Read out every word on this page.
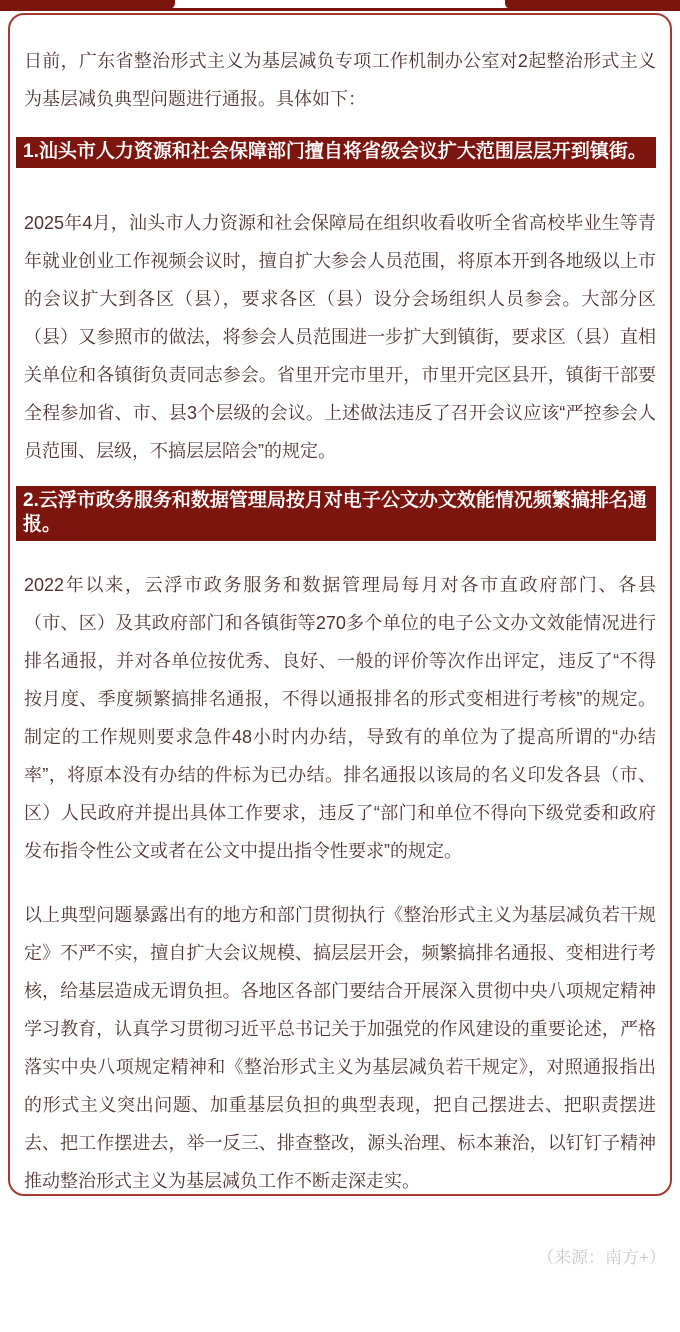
日前，广东省整治形式主义为基层减负专项工作机制办公室对2起整治形式主义为基层减负典型问题进行通报。具体如下：

1.汕头市人力资源和社会保障部门擅自将省级会议扩大范围层层开到镇街。

2025年4月，汕头市人力资源和社会保障局在组织收看收听全省高校毕业生等青年就业创业工作视频会议时，擅自扩大参会人员范围，将原本开到各地级以上市的会议扩大到各区（县），要求各区（县）设分会场组织人员参会。大部分区（县）又参照市的做法，将参会人员范围进一步扩大到镇街，要求区（县）直相关单位和各镇街负责同志参会。省里开完市里开，市里开完区县开，镇街干部要全程参加省、市、县3个层级的会议。上述做法违反了召开会议应该“严控参会人员范围、层级，不搞层层陪会”的规定。

2.云浮市政务服务和数据管理局按月对电子公文办文效能情况频繁搞排名通报。

2022年以来，云浮市政务服务和数据管理局每月对各市直政府部门、各县（市、区）及其政府部门和各镇街等270多个单位的电子公文办文效能情况进行排名通报，并对各单位按优秀、良好、一般的评价等次作出评定，违反了“不得按月度、季度频繁搞排名通报，不得以通报排名的形式变相进行考核”的规定。制定的工作规则要求急件48小时内办结，导致有的单位为了提高所谓的“办结率”，将原本没有办结的件标为已办结。排名通报以该局的名义印发各县（市、区）人民政府并提出具体工作要求，违反了“部门和单位不得向下级党委和政府发布指令性公文或者在公文中提出指令性要求”的规定。

以上典型问题暴露出有的地方和部门贯彻执行《整治形式主义为基层减负若干规定》不严不实，擅自扩大会议规模、搞层层开会，频繁搞排名通报、变相进行考核，给基层造成无谓负担。各地区各部门要结合开展深入贯彻中央八项规定精神学习教育，认真学习贯彻习近平总书记关于加强党的作风建设的重要论述，严格落实中央八项规定精神和《整治形式主义为基层减负若干规定》，对照通报指出的形式主义突出问题、加重基层负担的典型表现，把自己摆进去、把职责摆进去、把工作摆进去，举一反三、排查整改，源头治理、标本兼治，以钉钉子精神推动整治形式主义为基层减负工作不断走深走实。

（来源：南方+）
